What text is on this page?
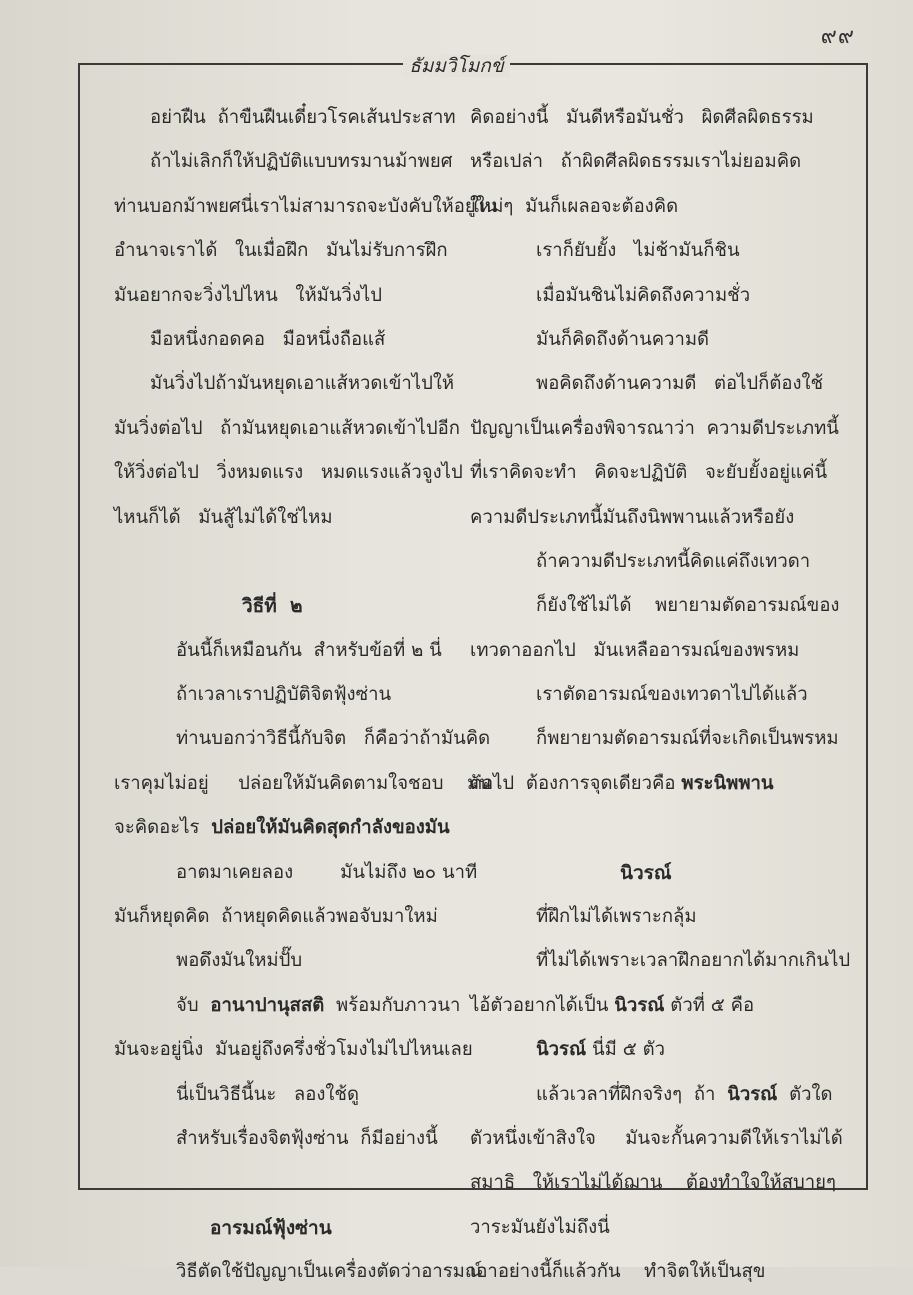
๙๙
ธัมมวิโมกข์
อย่าฝืน  ถ้าขืนฝืนเดี๋ยวโรคเส้นประสาท
ถ้าไม่เลิกก็ให้ปฏิบัติแบบทรมานม้าพยศ
ท่านบอกม้าพยศนี่เราไม่สามารถจะบังคับให้อยู่ใน
อำนาจเราได้   ในเมื่อฝึก   มันไม่รับการฝึก
มันอยากจะวิ่งไปไหน   ให้มันวิ่งไป
มือหนึ่งกอดคอ   มือหนึ่งถือแส้
มันวิ่งไปถ้ามันหยุดเอาแส้หวดเข้าไปให้
มันวิ่งต่อไป   ถ้ามันหยุดเอาแส้หวดเข้าไปอีก
ให้วิ่งต่อไป   วิ่งหมดแรง   หมดแรงแล้วจูงไป
ไหนก็ได้   มันสู้ไม่ได้ใช่ไหม
วิธีที่  ๒
อันนี้ก็เหมือนกัน  สำหรับข้อที่ ๒ นี่
ถ้าเวลาเราปฏิบัติจิตฟุ้งซ่าน
ท่านบอกว่าวิธีนี้กับจิต   ก็คือว่าถ้ามันคิด
เราคุมไม่อยู่     ปล่อยให้มันคิดตามใจชอบ    มัน
จะคิดอะไร  ปล่อยให้มันคิดสุดกำลังของมัน
อาตมาเคยลอง        มันไม่ถึง ๒๐ นาที
มันก็หยุดคิด  ถ้าหยุดคิดแล้วพอจับมาใหม่
พอดึงมันใหม่ปั๊บ
จับ  อานาปานุสสติ  พร้อมกับภาวนา
มันจะอยู่นิ่ง  มันอยู่ถึงครึ่งชั่วโมงไม่ไปไหนเลย
นี่เป็นวิธีนี้นะ   ลองใช้ดู
สำหรับเรื่องจิตฟุ้งซ่าน  ก็มีอย่างนี้
อารมณ์ฟุ้งซ่าน
วิธีตัดใช้ปัญญาเป็นเครื่องตัดว่าอารมณ์
คิดอย่างนี้   มันดีหรือมันชั่ว   ผิดศีลผิดธรรม
หรือเปล่า   ถ้าผิดศีลผิดธรรมเราไม่ยอมคิด
ใหม่ๆ  มันก็เผลอจะต้องคิด
เราก็ยับยั้ง   ไม่ช้ามันก็ชิน
เมื่อมันชินไม่คิดถึงความชั่ว
มันก็คิดถึงด้านความดี
พอคิดถึงด้านความดี   ต่อไปก็ต้องใช้
ปัญญาเป็นเครื่องพิจารณาว่า  ความดีประเภทนี้
ที่เราคิดจะทำ   คิดจะปฏิบัติ   จะยับยั้งอยู่แค่นี้
ความดีประเภทนี้มันถึงนิพพานแล้วหรือยัง
ถ้าความดีประเภทนี้คิดแค่ถึงเทวดา
ก็ยังใช้ไม่ได้    พยายามตัดอารมณ์ของ
เทวดาออกไป   มันเหลืออารมณ์ของพรหม
เราตัดอารมณ์ของเทวดาไปได้แล้ว
ก็พยายามตัดอารมณ์ที่จะเกิดเป็นพรหม
ต่อไป  ต้องการจุดเดียวคือ พระนิพพาน
นิวรณ์
ที่ฝึกไม่ได้เพราะกลุ้ม
ที่ไม่ได้เพราะเวลาฝึกอยากได้มากเกินไป
ไอ้ตัวอยากได้เป็น นิวรณ์ ตัวที่ ๕ คือ
นิวรณ์ นี่มี ๕ ตัว
แล้วเวลาที่ฝึกจริงๆ  ถ้า  นิวรณ์  ตัวใด
ตัวหนึ่งเข้าสิงใจ     มันจะกั้นความดีให้เราไม่ได้
สมาธิ   ให้เราไม่ได้ฌาน    ต้องทำใจให้สบายๆ
วาระมันยังไม่ถึงนี่
เอาอย่างนี้ก็แล้วกัน    ทำจิตให้เป็นสุข
